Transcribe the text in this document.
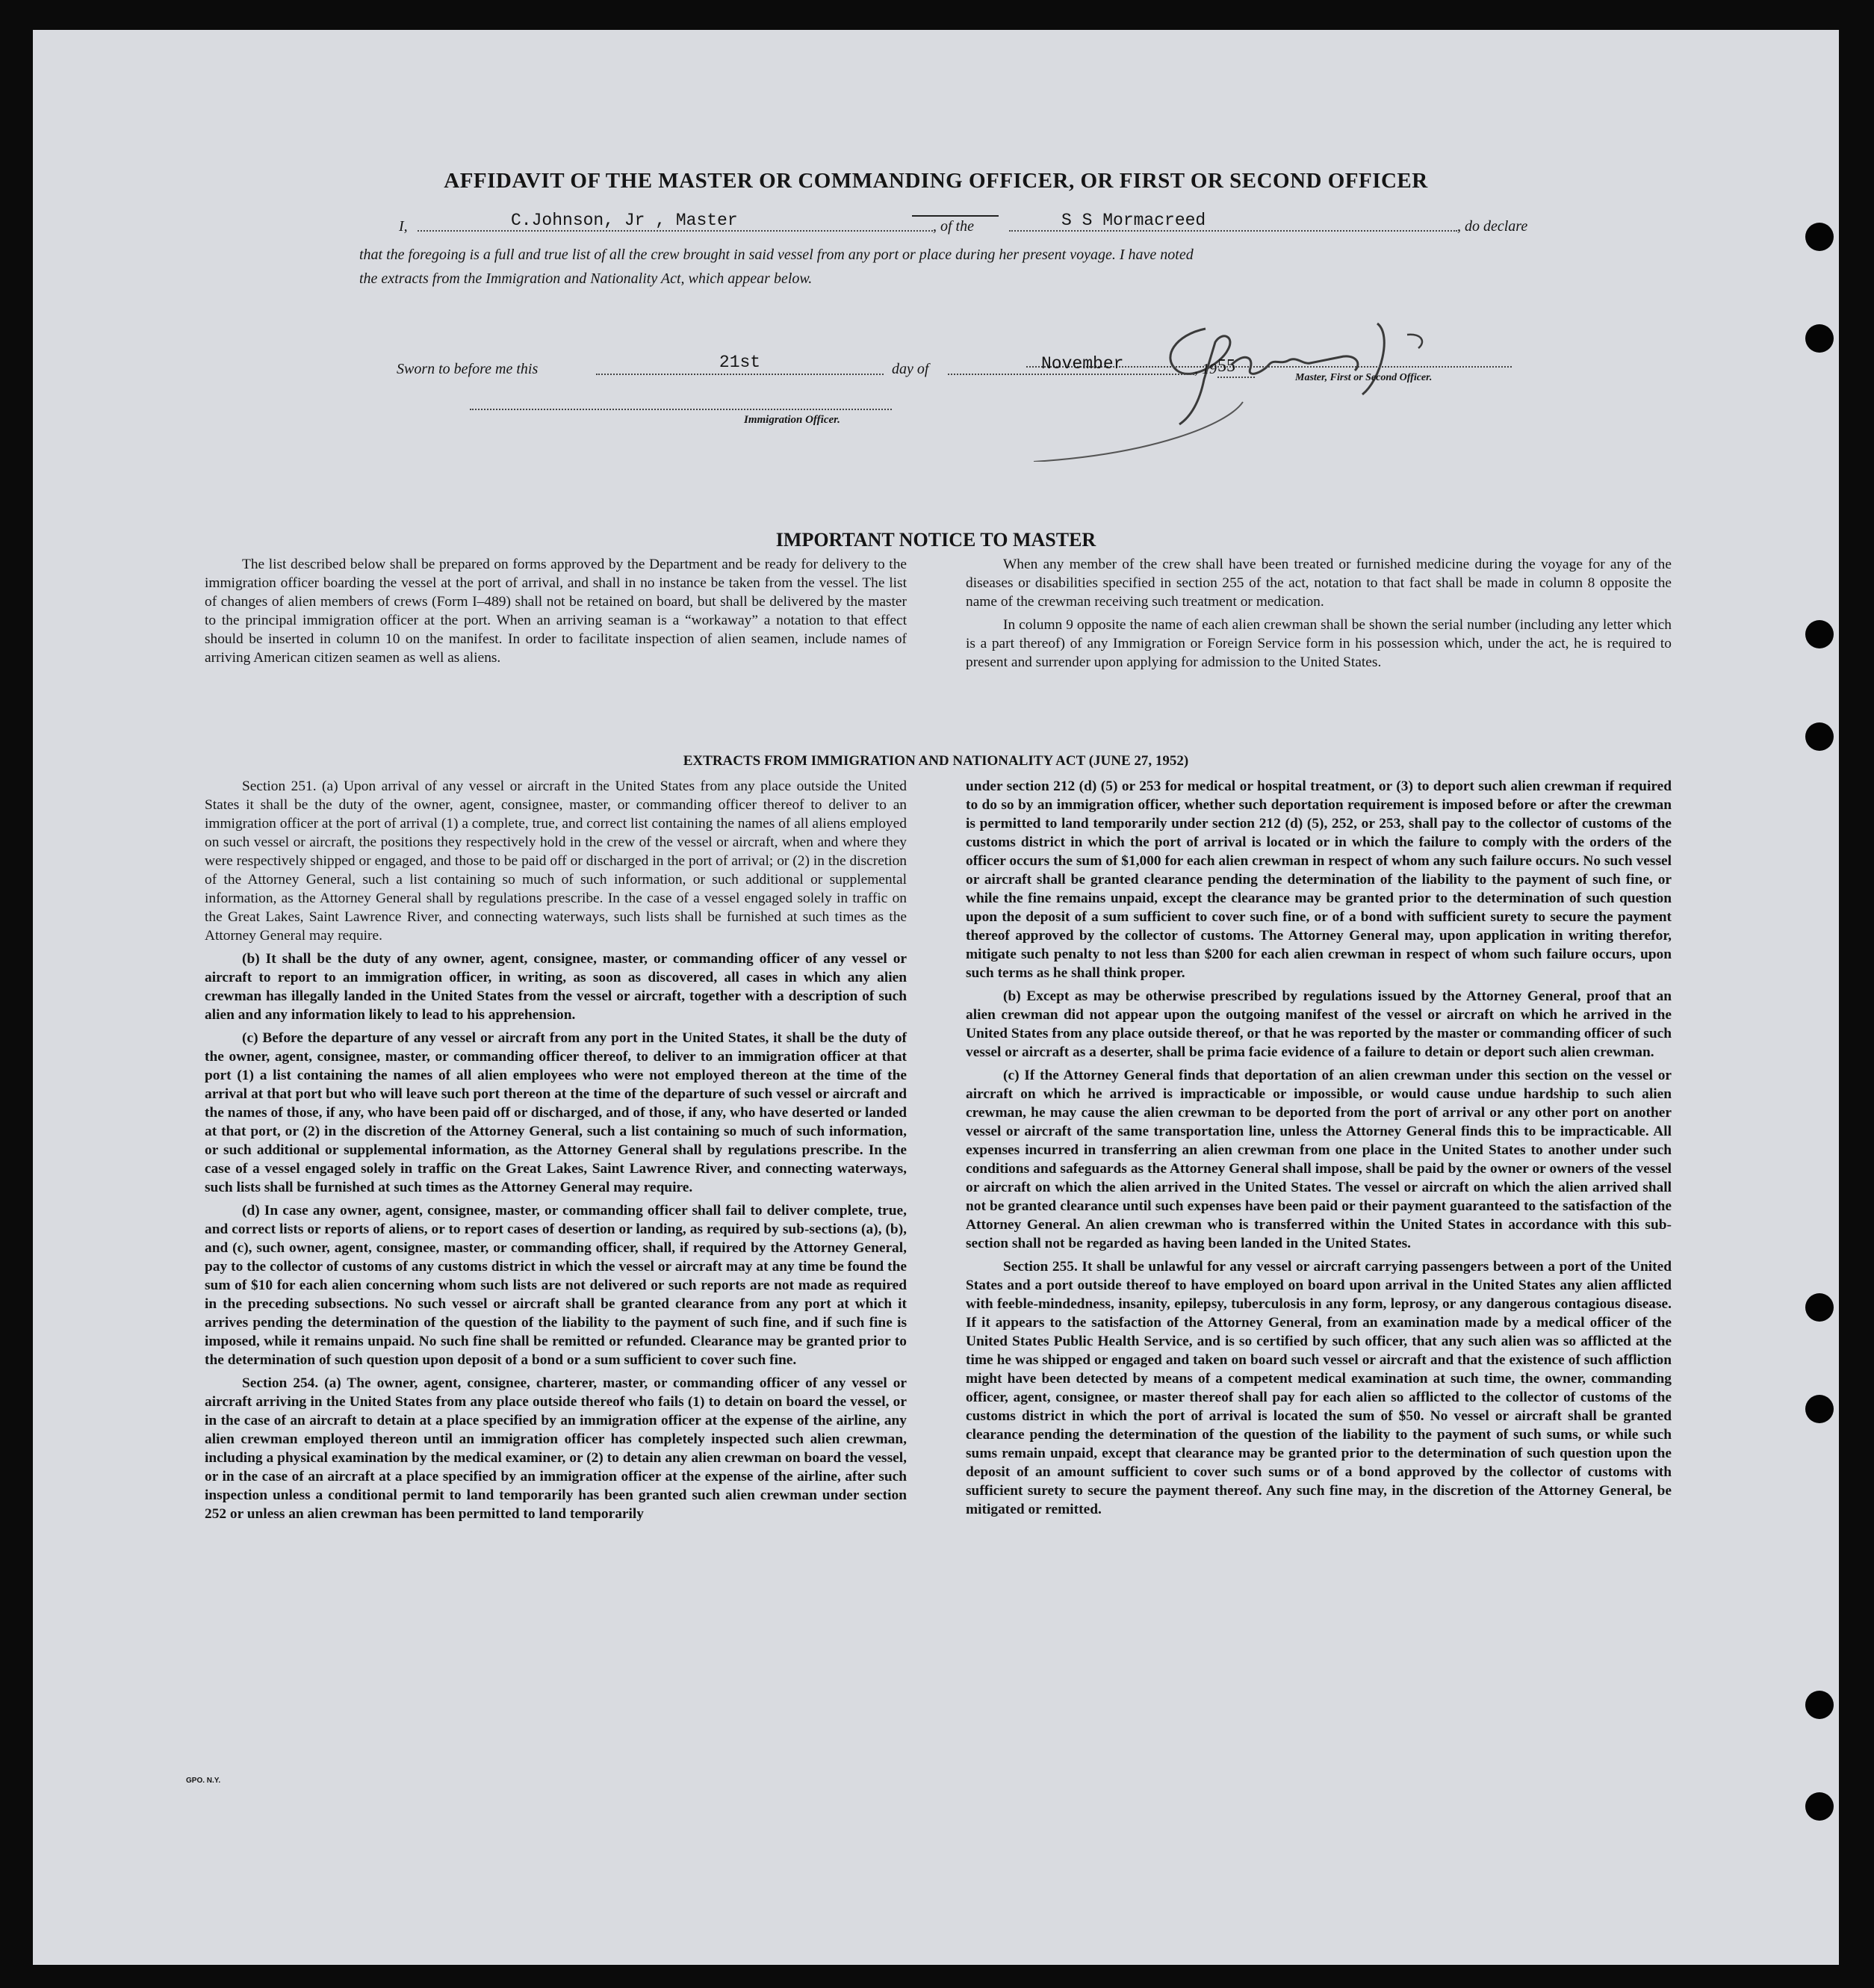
AFFIDAVIT OF THE MASTER OR COMMANDING OFFICER, OR FIRST OR SECOND OFFICER
I,	C.Johnson, Jr , Master	, of the	S S Mormacreed	, do declare
that the foregoing is a full and true list of all the crew brought in said vessel from any port or place during her present voyage. I have noted
the extracts from the Immigration and Nationality Act, which appear below.
Master, First or Second Officer.
Sworn to before me this	21st	day of	November	, 19 55
Immigration Officer.
IMPORTANT NOTICE TO MASTER

The list described below shall be prepared on forms approved by the Department and be ready for delivery to the immigration officer boarding the vessel at the port of arrival, and shall in no instance be taken from the vessel. The list of changes of alien members of crews (Form I–489) shall not be retained on board, but shall be delivered by the master to the principal immigration officer at the port. When an arriving seaman is a “workaway” a notation to that effect should be inserted in column 10 on the manifest. In order to facilitate inspection of alien seamen, include names of arriving American citizen seamen as well as aliens.

When any member of the crew shall have been treated or furnished medicine during the voyage for any of the diseases or disabilities specified in section 255 of the act, notation to that fact shall be made in column 8 opposite the name of the crewman receiving such treatment or medication.

In column 9 opposite the name of each alien crewman shall be shown the serial number (including any letter which is a part thereof) of any Immigration or Foreign Service form in his possession which, under the act, he is required to present and surrender upon applying for admission to the United States.

EXTRACTS FROM IMMIGRATION AND NATIONALITY ACT (JUNE 27, 1952)

Section 251. (a) Upon arrival of any vessel or aircraft in the United States from any place outside the United States it shall be the duty of the owner, agent, consignee, master, or commanding officer thereof to deliver to an immigration officer at the port of arrival (1) a complete, true, and correct list containing the names of all aliens employed on such vessel or aircraft, the positions they respectively hold in the crew of the vessel or aircraft, when and where they were respectively shipped or engaged, and those to be paid off or discharged in the port of arrival; or (2) in the discretion of the Attorney General, such a list containing so much of such information, or such additional or supplemental information, as the Attorney General shall by regulations prescribe. In the case of a vessel engaged solely in traffic on the Great Lakes, Saint Lawrence River, and connecting waterways, such lists shall be furnished at such times as the Attorney General may require.

(b) It shall be the duty of any owner, agent, consignee, master, or commanding officer of any vessel or aircraft to report to an immigration officer, in writing, as soon as discovered, all cases in which any alien crewman has illegally landed in the United States from the vessel or aircraft, together with a description of such alien and any information likely to lead to his apprehension.

(c) Before the departure of any vessel or aircraft from any port in the United States, it shall be the duty of the owner, agent, consignee, master, or commanding officer thereof, to deliver to an immigration officer at that port (1) a list containing the names of all alien employees who were not employed thereon at the time of the arrival at that port but who will leave such port thereon at the time of the departure of such vessel or aircraft and the names of those, if any, who have been paid off or discharged, and of those, if any, who have deserted or landed at that port, or (2) in the discretion of the Attorney General, such a list containing so much of such information, or such additional or supplemental information, as the Attorney General shall by regulations prescribe. In the case of a vessel engaged solely in traffic on the Great Lakes, Saint Lawrence River, and connecting waterways, such lists shall be furnished at such times as the Attorney General may require.

(d) In case any owner, agent, consignee, master, or commanding officer shall fail to deliver complete, true, and correct lists or reports of aliens, or to report cases of desertion or landing, as required by sub-sections (a), (b), and (c), such owner, agent, consignee, master, or commanding officer, shall, if required by the Attorney General, pay to the collector of customs of any customs district in which the vessel or aircraft may at any time be found the sum of $10 for each alien concerning whom such lists are not delivered or such reports are not made as required in the preceding subsections. No such vessel or aircraft shall be granted clearance from any port at which it arrives pending the determination of the question of the liability to the payment of such fine, and if such fine is imposed, while it remains unpaid. No such fine shall be remitted or refunded. Clearance may be granted prior to the determination of such question upon deposit of a bond or a sum sufficient to cover such fine.

Section 254. (a) The owner, agent, consignee, charterer, master, or commanding officer of any vessel or aircraft arriving in the United States from any place outside thereof who fails (1) to detain on board the vessel, or in the case of an aircraft to detain at a place specified by an immigration officer at the expense of the airline, any alien crewman employed thereon until an immigration officer has completely inspected such alien crewman, including a physical examination by the medical examiner, or (2) to detain any alien crewman on board the vessel, or in the case of an aircraft at a place specified by an immigration officer at the expense of the airline, after such inspection unless a conditional permit to land temporarily has been granted such alien crewman under section 252 or unless an alien crewman has been permitted to land temporarily

under section 212 (d) (5) or 253 for medical or hospital treatment, or (3) to deport such alien crewman if required to do so by an immigration officer, whether such deportation requirement is imposed before or after the crewman is permitted to land temporarily under section 212 (d) (5), 252, or 253, shall pay to the collector of customs of the customs district in which the port of arrival is located or in which the failure to comply with the orders of the officer occurs the sum of $1,000 for each alien crewman in respect of whom any such failure occurs. No such vessel or aircraft shall be granted clearance pending the determination of the liability to the payment of such fine, or while the fine remains unpaid, except the clearance may be granted prior to the determination of such question upon the deposit of a sum sufficient to cover such fine, or of a bond with sufficient surety to secure the payment thereof approved by the collector of customs. The Attorney General may, upon application in writing therefor, mitigate such penalty to not less than $200 for each alien crewman in respect of whom such failure occurs, upon such terms as he shall think proper.

(b) Except as may be otherwise prescribed by regulations issued by the Attorney General, proof that an alien crewman did not appear upon the outgoing manifest of the vessel or aircraft on which he arrived in the United States from any place outside thereof, or that he was reported by the master or commanding officer of such vessel or aircraft as a deserter, shall be prima facie evidence of a failure to detain or deport such alien crewman.

(c) If the Attorney General finds that deportation of an alien crewman under this section on the vessel or aircraft on which he arrived is impracticable or impossible, or would cause undue hardship to such alien crewman, he may cause the alien crewman to be deported from the port of arrival or any other port on another vessel or aircraft of the same transportation line, unless the Attorney General finds this to be impracticable. All expenses incurred in transferring an alien crewman from one place in the United States to another under such conditions and safeguards as the Attorney General shall impose, shall be paid by the owner or owners of the vessel or aircraft on which the alien arrived in the United States. The vessel or aircraft on which the alien arrived shall not be granted clearance until such expenses have been paid or their payment guaranteed to the satisfaction of the Attorney General. An alien crewman who is transferred within the United States in accordance with this sub-section shall not be regarded as having been landed in the United States.

Section 255. It shall be unlawful for any vessel or aircraft carrying passengers between a port of the United States and a port outside thereof to have employed on board upon arrival in the United States any alien afflicted with feeble-mindedness, insanity, epilepsy, tuberculosis in any form, leprosy, or any dangerous contagious disease. If it appears to the satisfaction of the Attorney General, from an examination made by a medical officer of the United States Public Health Service, and is so certified by such officer, that any such alien was so afflicted at the time he was shipped or engaged and taken on board such vessel or aircraft and that the existence of such affliction might have been detected by means of a competent medical examination at such time, the owner, commanding officer, agent, consignee, or master thereof shall pay for each alien so afflicted to the collector of customs of the customs district in which the port of arrival is located the sum of $50. No vessel or aircraft shall be granted clearance pending the determination of the question of the liability to the payment of such sums, or while such sums remain unpaid, except that clearance may be granted prior to the determination of such question upon the deposit of an amount sufficient to cover such sums or of a bond approved by the collector of customs with sufficient surety to secure the payment thereof. Any such fine may, in the discretion of the Attorney General, be mitigated or remitted.

GPO. N.Y.
